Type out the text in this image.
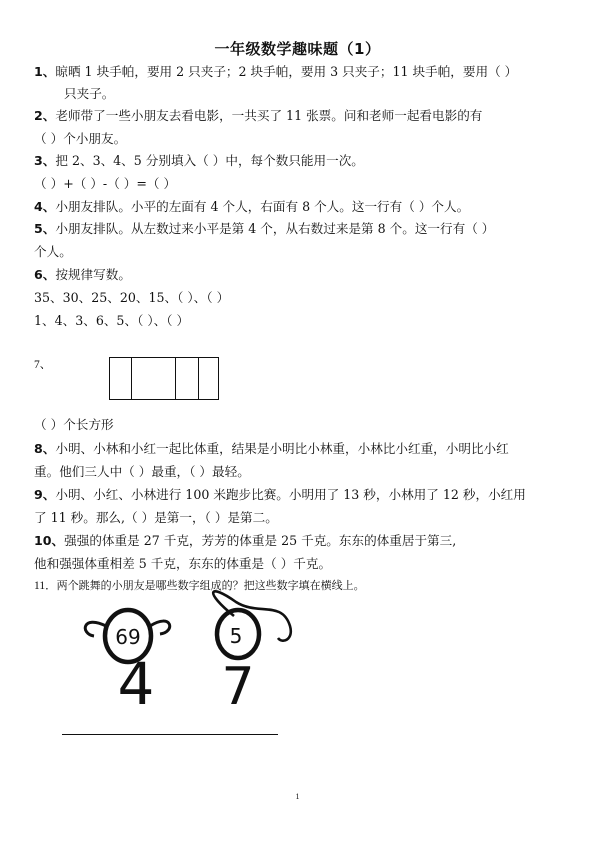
一年级数学趣味题（1）
1、晾晒 1 块手帕，要用 2 只夹子；2 块手帕，要用 3 只夹子；11 块手帕，要用（ ）
只夹子。
2、老师带了一些小朋友去看电影，一共买了 11 张票。问和老师一起看电影的有
（ ）个小朋友。
3、把 2、3、4、5 分别填入（ ）中，每个数只能用一次。
（ ）+（ ）-（ ）=（ ）
4、小朋友排队。小平的左面有 4 个人，右面有 8 个人。这一行有（ ）个人。
5、小朋友排队。从左数过来小平是第 4 个，从右数过来是第 8 个。这一行有（ ）
个人。
6、按规律写数。
35、30、25、20、15、（ ）、（ ）
1、4、3、6、5、（ ）、（ ）
7、
（ ）个长方形
8、小明、小林和小红一起比体重，结果是小明比小林重，小林比小红重，小明比小红
重。他们三人中（ ）最重，（ ）最轻。
9、小明、小红、小林进行 100 米跑步比赛。小明用了 13 秒，小林用了 12 秒，小红用
了 11 秒。那么,（ ）是第一，（ ）是第二。
10、强强的体重是 27 千克，芳芳的体重是 25 千克。东东的体重居于第三,
他和强强体重相差 5 千克，东东的体重是（ ）千克。
11．两个跳舞的小朋友是哪些数字组成的？把这些数字填在横线上。
69
4
5
7
1
